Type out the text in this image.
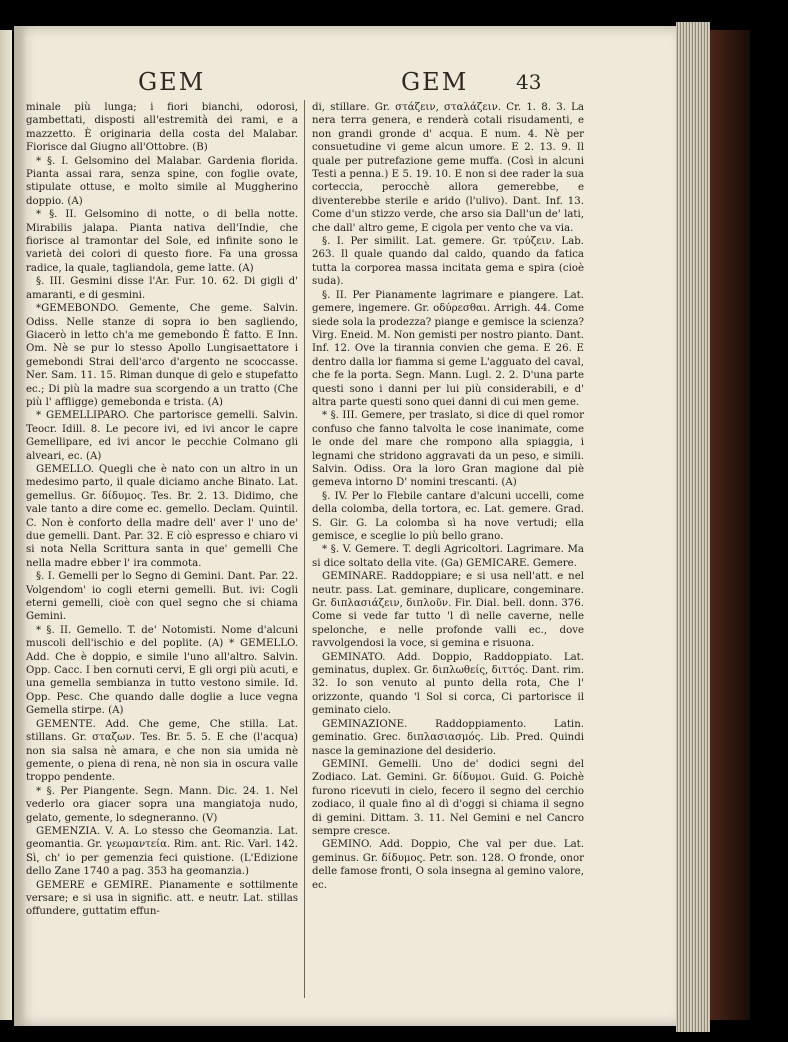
GEM	GEM 43

minale più lunga; i fiori bianchi, odorosi, gambettati, disposti all'estremità dei rami, e a mazzetto. È originaria della costa del Malabar. Fiorisce dal Giugno all'Ottobre. (B)

* §. I. Gelsomino del Malabar. Gardenia florida. Pianta assai rara, senza spine, con foglie ovate, stipulate ottuse, e molto simile al Muggherino doppio. (A)

* §. II. Gelsomino di notte, o di bella notte. Mirabilis jalapa. Pianta nativa dell'Indie, che fiorisce al tramontar del Sole, ed infinite sono le varietà dei colori di questo fiore. Fa una grossa radice, la quale, tagliandola, geme latte. (A)

§. III. Gesmini disse l'Ar. Fur. 10. 62. Di gigli d' amaranti, e di gesmini.

*GEMEBONDO. Gemente, Che geme. Salvin. Odiss. Nelle stanze di sopra io ben sagliendo, Giacerò in letto ch'a me gemebondo È fatto. E Inn. Om. Nè se pur lo stesso Apollo Lungisaettatore i gemebondi Strai dell'arco d'argento ne scoccasse. Ner. Sam. 11. 15. Riman dunque di gelo e stupefatto ec.; Di più la madre sua scorgendo a un tratto (Che più l' affligge) gemebonda e trista. (A)

* GEMELLIPARO. Che partorisce gemelli. Salvin. Teocr. Idill. 8. Le pecore ivi, ed ivi ancor le capre Gemellipare, ed ivi ancor le pecchie Colmano gli alveari, ec. (A)

GEMELLO. Quegli che è nato con un altro in un medesimo parto, il quale diciamo anche Binato. Lat. gemellus. Gr. δίδυμος. Tes. Br. 2. 13. Didimo, che vale tanto a dire come ec. gemello. Declam. Quintil. C. Non è conforto della madre dell' aver l' uno de' due gemelli. Dant. Par. 32. E ciò espresso e chiaro vi si nota Nella Scrittura santa in que' gemelli Che nella madre ebber l' ira commota.

§. I. Gemelli per lo Segno di Gemini. Dant. Par. 22. Volgendom' io cogli eterni gemelli. But. ivi: Cogli eterni gemelli, cioè con quel segno che si chiama Gemini.

* §. II. Gemello. T. de' Notomisti. Nome d'alcuni muscoli dell'ischio e del poplite. (A) * GEMELLO. Add. Che è doppio, e simile l'uno all'altro. Salvin. Opp. Cacc. I ben cornuti cervi, E gli orgi più acuti, e una gemella sembianza in tutto vestono simile. Id. Opp. Pesc. Che quando dalle doglie a luce vegna Gemella stirpe. (A)

GEMENTE. Add. Che geme, Che stilla. Lat. stillans. Gr. σταζων. Tes. Br. 5. 5. E che (l'acqua) non sia salsa nè amara, e che non sia umida nè gemente, o piena di rena, nè non sia in oscura valle troppo pendente.

* §. Per Piangente. Segn. Mann. Dic. 24. 1. Nel vederlo ora giacer sopra una mangiatoja nudo, gelato, gemente, lo sdegneranno. (V)

GEMENZIA. V. A. Lo stesso che Geomanzia. Lat. geomantia. Gr. γεωμαντεία. Rim. ant. Ric. Varl. 142. Sì, ch' io per gemenzia feci quistione. (L'Edizione dello Zane 1740 a pag. 353 ha geomanzia.)

GEMERE e GEMIRE. Pianamente e sottilmente versare; e si usa in signific. att. e neutr. Lat. stillas offundere, guttatim effun-

di, stillare. Gr. στάζειν, σταλάζειν. Cr. 1. 8. 3. La nera terra genera, e renderà cotali risudamenti, e non grandi gronde d' acqua. E num. 4. Nè per consuetudine vi geme alcun umore. E 2. 13. 9. Il quale per putrefazione geme muffa. (Così in alcuni Testi a penna.) E 5. 19. 10. E non si dee rader la sua corteccia, perocchè allora gemerebbe, e diventerebbe sterile e arido (l'ulivo). Dant. Inf. 13. Come d'un stizzo verde, che arso sia Dall'un de' lati, che dall' altro geme, E cigola per vento che va via.

§. I. Per similit. Lat. gemere. Gr. τρύζειν. Lab. 263. Il quale quando dal caldo, quando da fatica tutta la corporea massa incitata gema e spira (cioè suda).

§. II. Per Pianamente lagrimare e piangere. Lat. gemere, ingemere. Gr. οδύρεσθαι. Arrigh. 44. Come siede sola la prodezza? piange e gemisce la scienza? Virg. Eneid. M. Non gemisti per nostro pianto. Dant. Inf. 12. Ove la tirannia convien che gema. E 26. E dentro dalla lor fiamma si geme L'agguato del caval, che fe la porta. Segn. Mann. Lugl. 2. 2. D'una parte questi sono i danni per lui più considerabili, e d' altra parte questi sono quei danni di cui men geme.

* §. III. Gemere, per traslato, si dice di quel romor confuso che fanno talvolta le cose inanimate, come le onde del mare che rompono alla spiaggia, i legnami che stridono aggravati da un peso, e simili. Salvin. Odiss. Ora la loro Gran magione dal piè gemeva intorno D' nomini trescanti. (A)

§. IV. Per lo Flebile cantare d'alcuni uccelli, come della colomba, della tortora, ec. Lat. gemere. Grad. S. Gir. G. La colomba sì ha nove vertudi; ella gemisce, e sceglie lo più bello grano.

* §. V. Gemere. T. degli Agricoltori. Lagrimare. Ma si dice soltato della vite. (Ga) GEMICARE. Gemere.

GEMINARE. Raddoppiare; e si usa nell'att. e nel neutr. pass. Lat. geminare, duplicare, congeminare. Gr. διπλασιάζειν, διπλοῦν. Fir. Dial. bell. donn. 376. Come si vede far tutto 'l dì nelle caverne, nelle spelonche, e nelle profonde valli ec., dove ravvolgendosi la voce, si gemina e risuona.

GEMINATO. Add. Doppio, Raddoppiato. Lat. geminatus, duplex. Gr. διπλωθείς, διττός. Dant. rim. 32. Io son venuto al punto della rota, Che l' orizzonte, quando 'l Sol si corca, Ci partorisce il geminato cielo.

GEMINAZIONE. Raddoppiamento. Latin. geminatio. Grec. διπλασιασμός. Lib. Pred. Quindi nasce la geminazione del desiderio.

GEMINI. Gemelli. Uno de' dodici segni del Zodiaco. Lat. Gemini. Gr. δίδυμοι. Guid. G. Poichè furono ricevuti in cielo, fecero il segno del cerchio zodiaco, il quale fino al dì d'oggi si chiama il segno di gemini. Dittam. 3. 11. Nel Gemini e nel Cancro sempre cresce.

GEMINO. Add. Doppio, Che val per due. Lat. geminus. Gr. δίδυμος. Petr. son. 128. O fronde, onor delle famose fronti, O sola insegna al gemino valore, ec.
